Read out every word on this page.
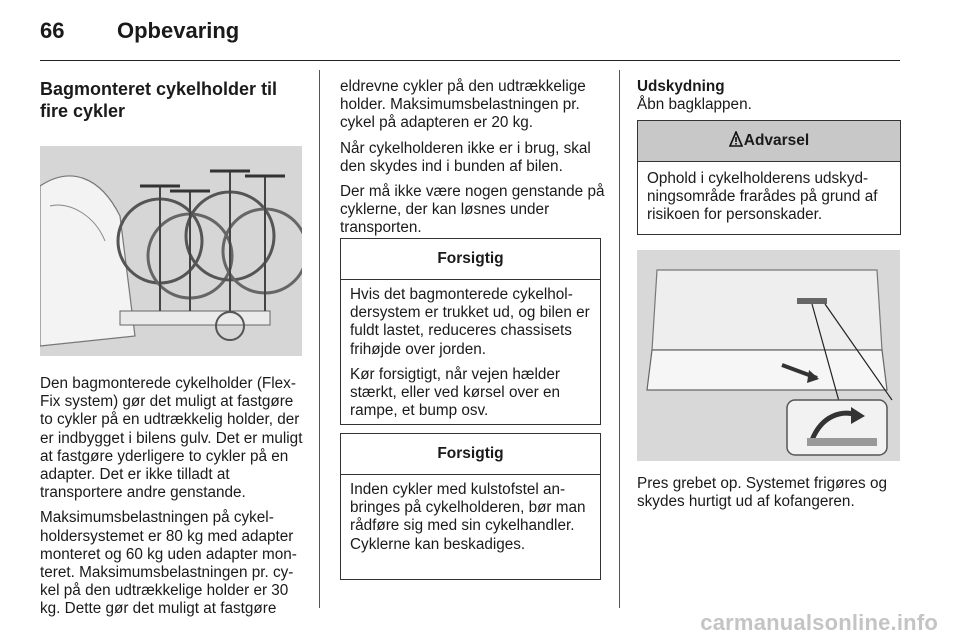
66 Opbevaring
Bagmonteret cykelholder til fire cykler

Den bagmonterede cykelholder (Flex-Fix system) gør det muligt at fastgøre to cykler på en udtrækkelig holder, der er indbygget i bilens gulv. Det er muligt at fastgøre yderligere to cykler på en adapter. Det er ikke tilladt at transportere andre genstande.

Maksimumsbelastningen på cykelholdersystemet er 80 kg med adapter monteret og 60 kg uden adapter monteret. Maksimumsbelastningen pr. cykel på den udtrækkelige holder er 30 kg. Dette gør det muligt at fastgøre

eldrevne cykler på den udtrækkelige holder. Maksimumsbelastningen pr. cykel på adapteren er 20 kg.

Når cykelholderen ikke er i brug, skal den skydes ind i bunden af bilen.

Der må ikke være nogen genstande på cyklerne, der kan løsnes under transporten.

Forsigtig

Hvis det bagmonterede cykelholdersystem er trukket ud, og bilen er fuldt lastet, reduceres chassisets frihøjde over jorden.

Kør forsigtigt, når vejen hælder stærkt, eller ved kørsel over en rampe, et bump osv.

Forsigtig

Inden cykler med kulstofstel anbringes på cykelholderen, bør man rådføre sig med sin cykelhandler. Cyklerne kan beskadiges.

Udskydning

Åbn bagklappen.

Advarsel
Ophold i cykelholderens udskydningsområde frarådes på grund af risikoen for personskader.

Pres grebet op. Systemet frigøres og skydes hurtigt ud af kofangeren.

carmanualsonline.info
